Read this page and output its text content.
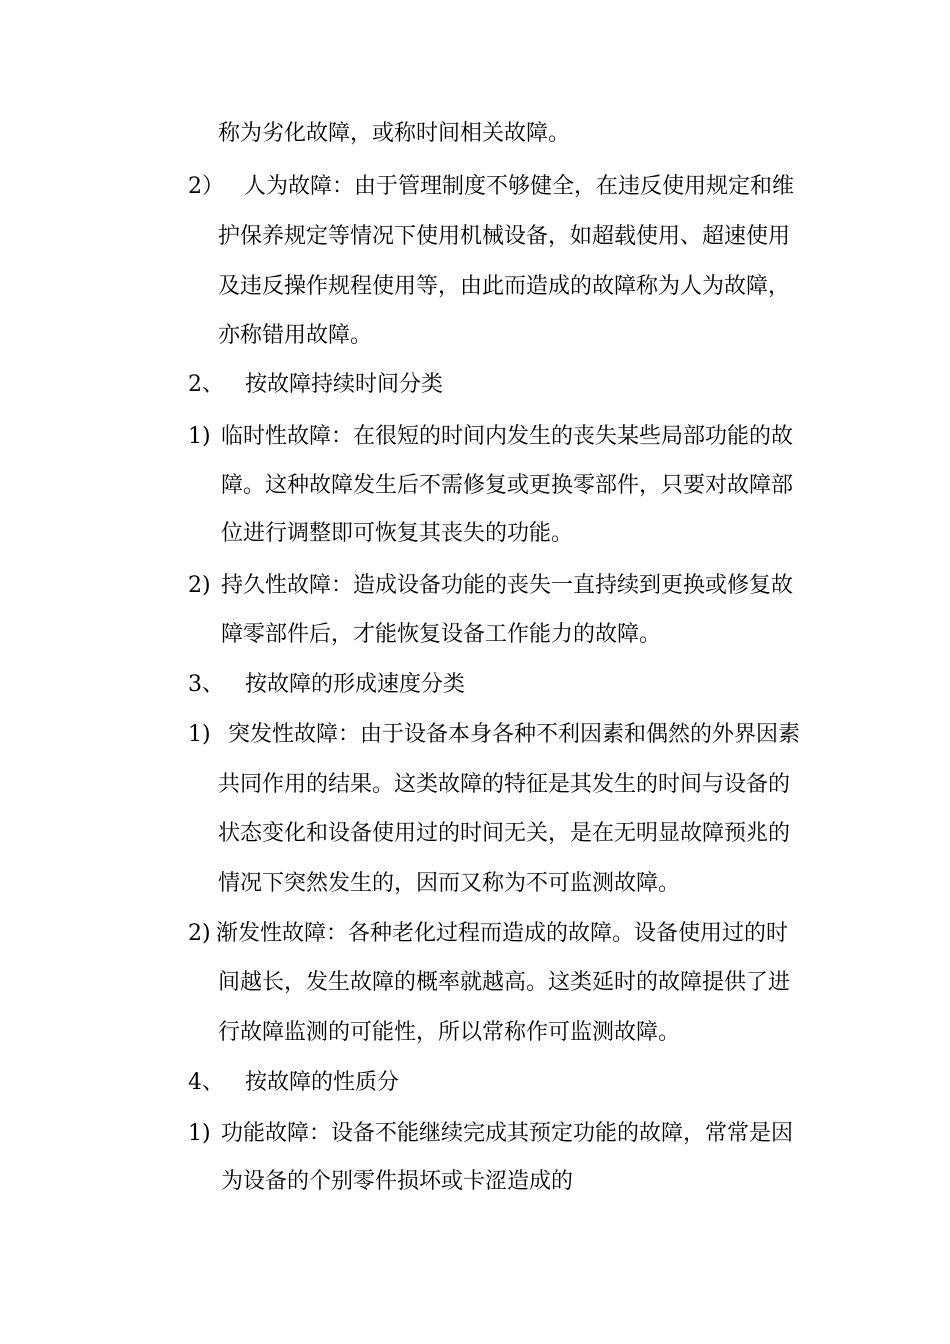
称为劣化故障，或称时间相关故障。
2） 人为故障：由于管理制度不够健全，在违反使用规定和维
护保养规定等情况下使用机械设备，如超载使用、超速使用
及违反操作规程使用等，由此而造成的故障称为人为故障，
亦称错用故障。
2、 按故障持续时间分类
1) 临时性故障：在很短的时间内发生的丧失某些局部功能的故
障。这种故障发生后不需修复或更换零部件，只要对故障部
位进行调整即可恢复其丧失的功能。
2) 持久性故障：造成设备功能的丧失一直持续到更换或修复故
障零部件后，才能恢复设备工作能力的故障。
3、 按故障的形成速度分类
1) 突发性故障：由于设备本身各种不利因素和偶然的外界因素
共同作用的结果。这类故障的特征是其发生的时间与设备的
状态变化和设备使用过的时间无关，是在无明显故障预兆的
情况下突然发生的，因而又称为不可监测故障。
2) 渐发性故障：各种老化过程而造成的故障。设备使用过的时
间越长，发生故障的概率就越高。这类延时的故障提供了进
行故障监测的可能性，所以常称作可监测故障。
4、 按故障的性质分
1) 功能故障：设备不能继续完成其预定功能的故障，常常是因
为设备的个别零件损坏或卡涩造成的
